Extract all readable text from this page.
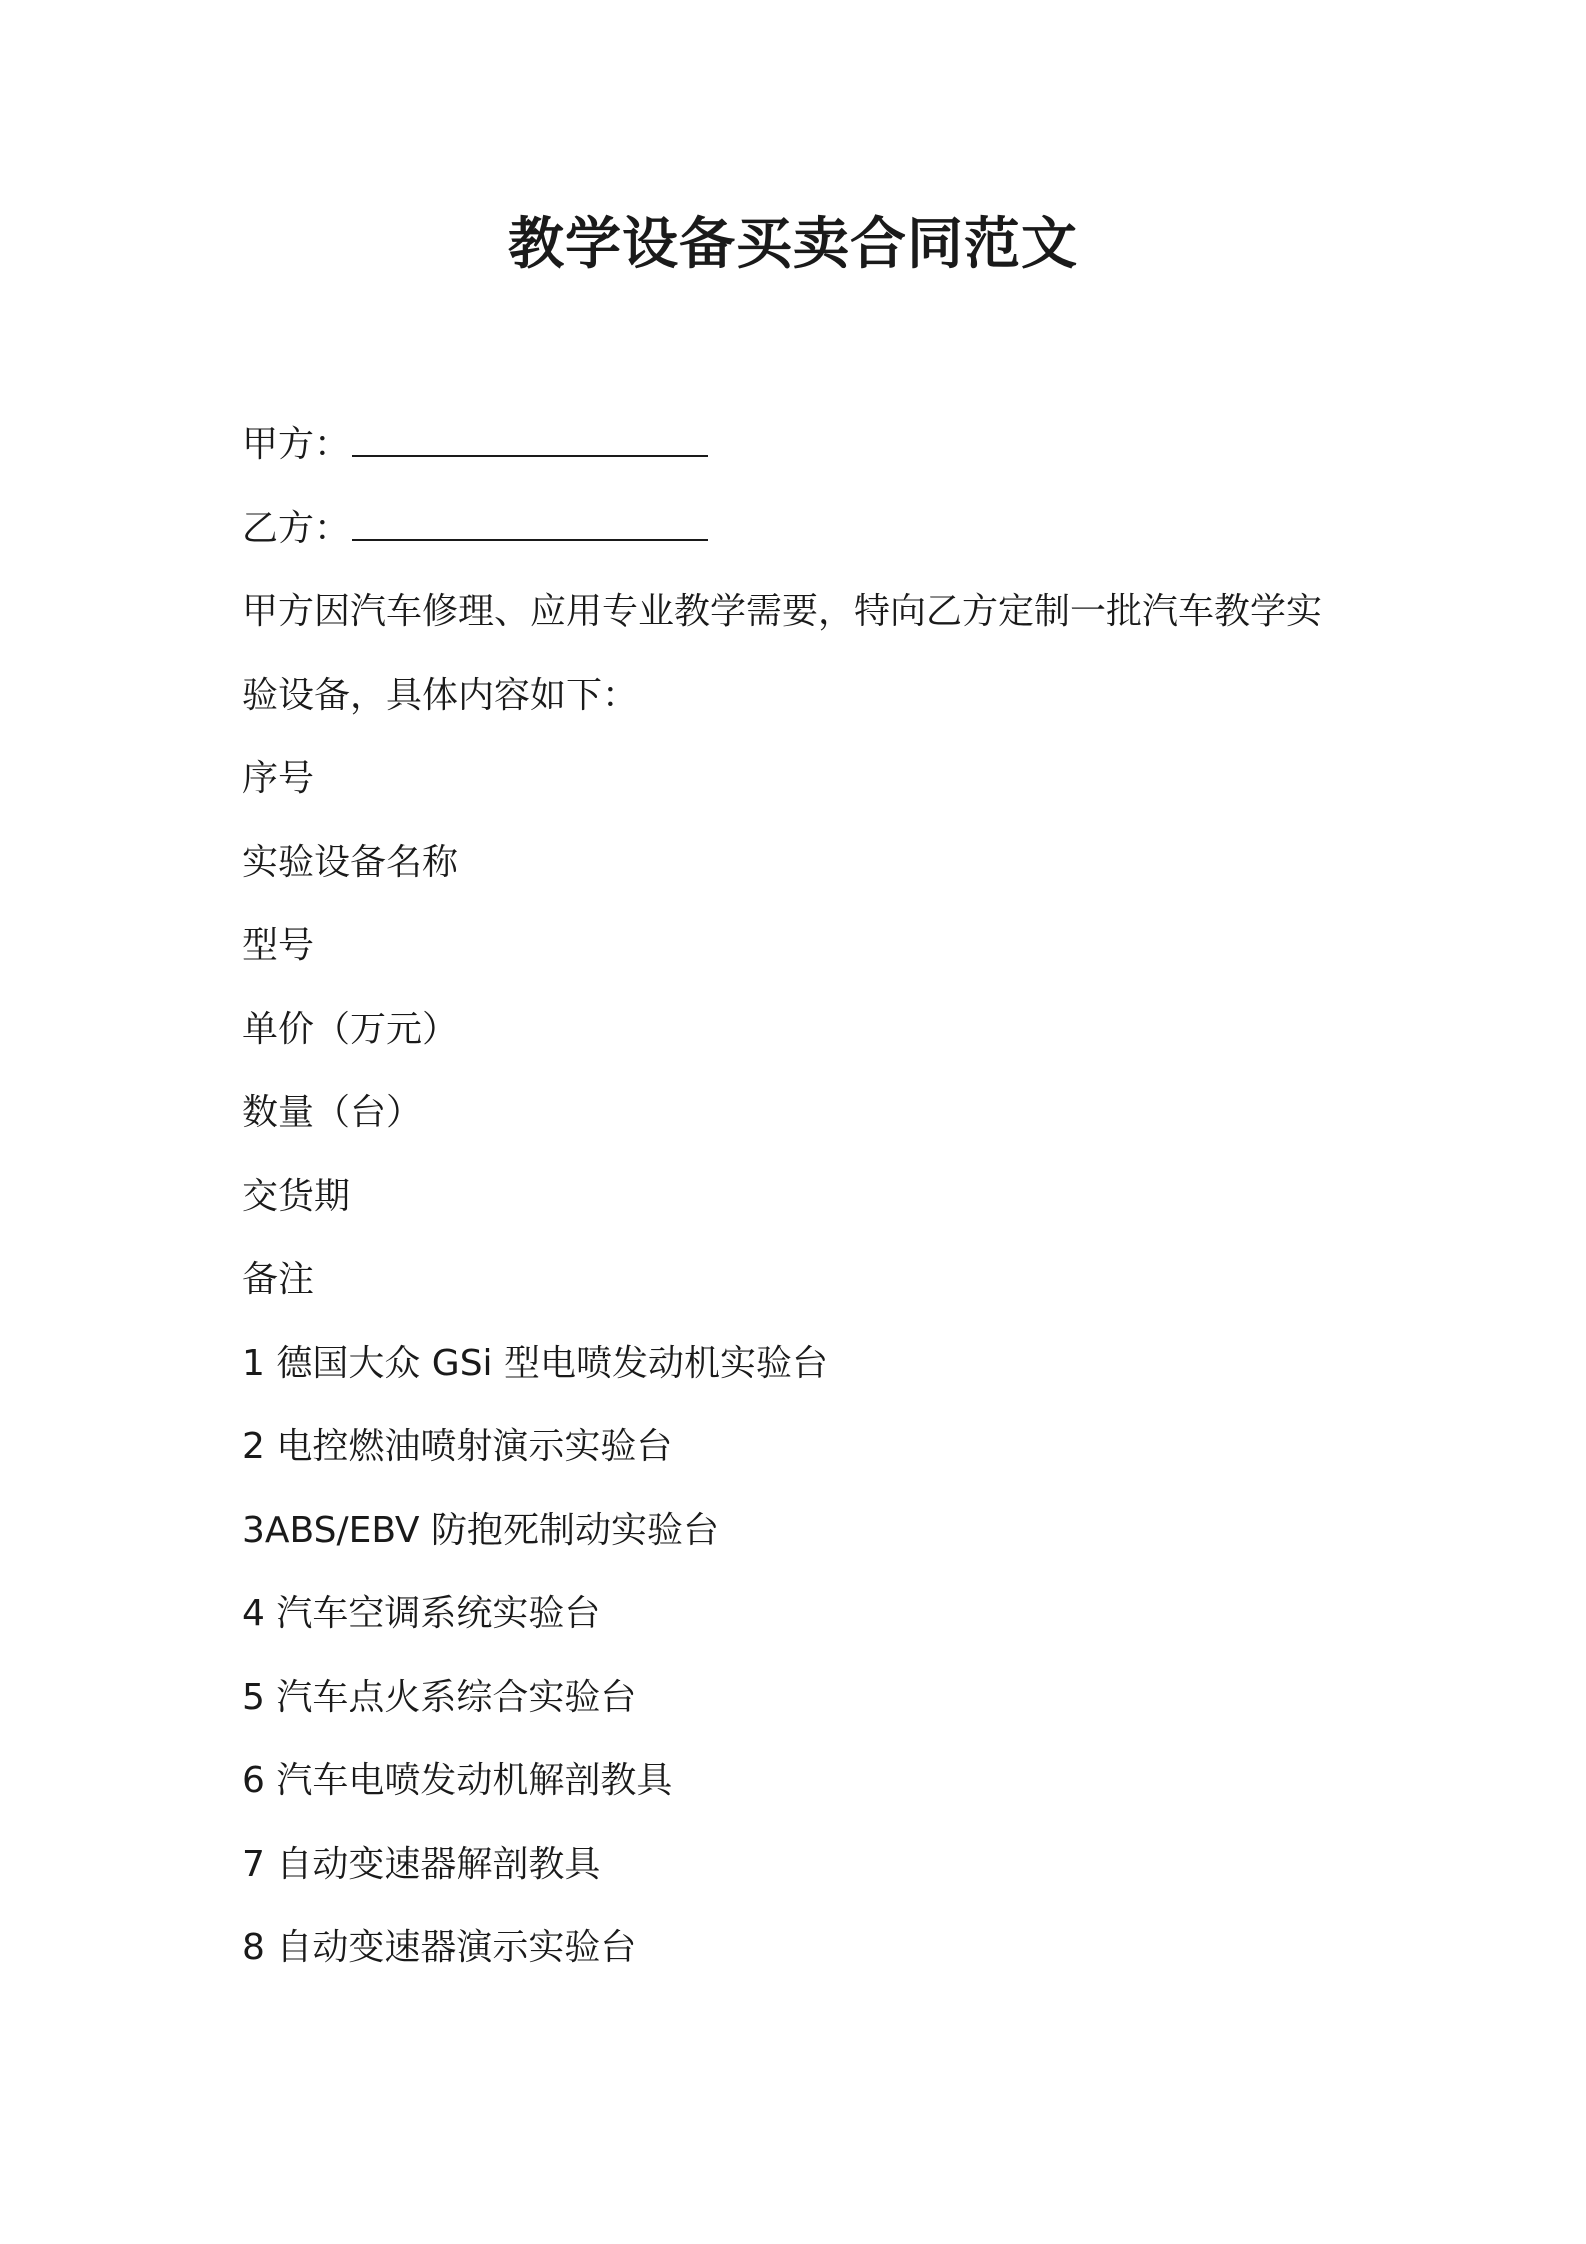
教学设备买卖合同范文
甲方：
乙方：
甲方因汽车修理、应用专业教学需要，特向乙方定制一批汽车教学实
验设备，具体内容如下：
序号
实验设备名称
型号
单价（万元）
数量（台）
交货期
备注
1 德国大众 GSi 型电喷发动机实验台
2 电控燃油喷射演示实验台
3ABS/EBV 防抱死制动实验台
4 汽车空调系统实验台
5 汽车点火系综合实验台
6 汽车电喷发动机解剖教具
7 自动变速器解剖教具
8 自动变速器演示实验台
